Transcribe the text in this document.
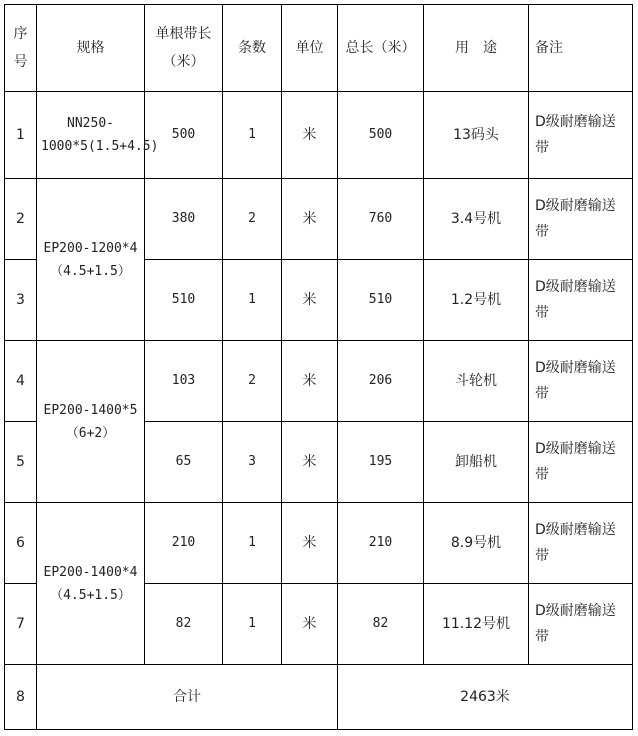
序号	规格	单根带长（米）	条数	单位	总长（米）	用　途	备注
1	NN250-1000*5(1.5+4.5)	500	1	米	500	13码头	D级耐磨输送带
2	EP200-1200*4（4.5+1.5）	380	2	米	760	3.4号机	D级耐磨输送带
3		510	1	米	510	1.2号机	D级耐磨输送带
4	EP200-1400*5（6+2）	103	2	米	206	斗轮机	D级耐磨输送带
5		65	3	米	195	卸船机	D级耐磨输送带
6	EP200-1400*4（4.5+1.5）	210	1	米	210	8.9号机	D级耐磨输送带
7		82	1	米	82	11.12号机	D级耐磨输送带
8	合计				2463米		
